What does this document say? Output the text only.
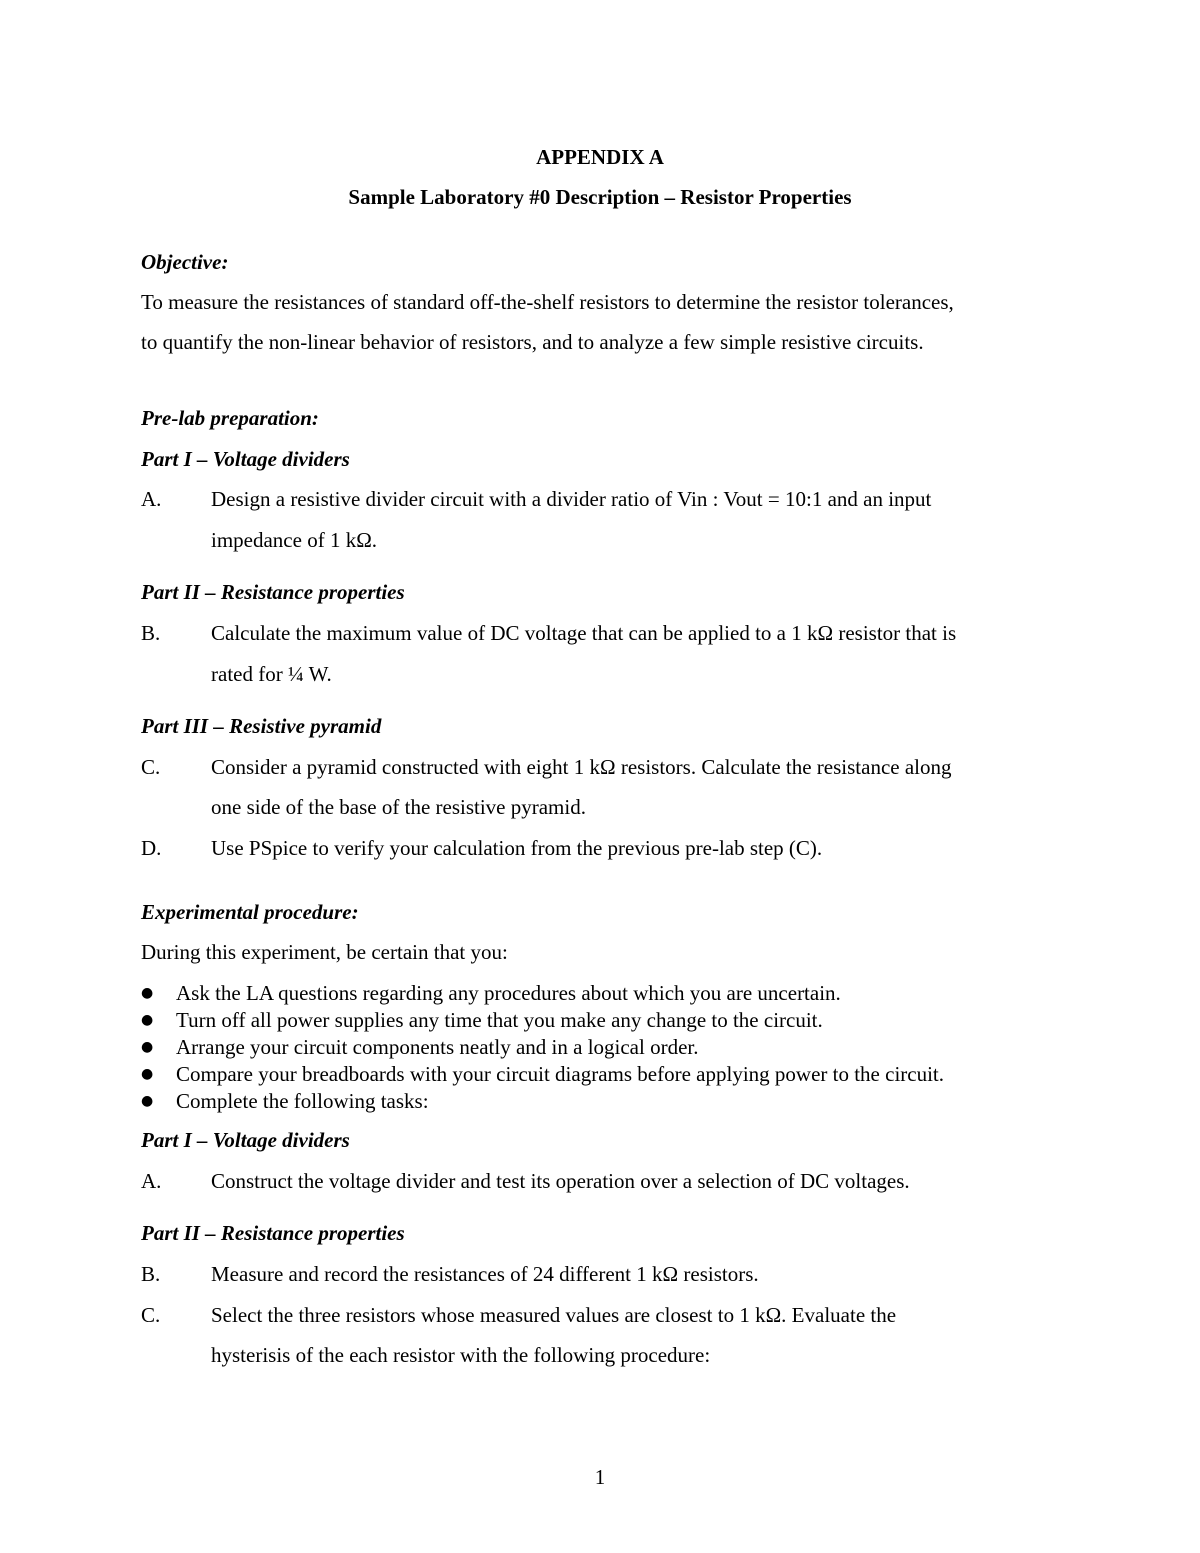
APPENDIX A
Sample Laboratory #0 Description – Resistor Properties
Objective:
To measure the resistances of standard off-the-shelf resistors to determine the resistor tolerances,
to quantify the non-linear behavior of resistors, and to analyze a few simple resistive circuits.
Pre-lab preparation:
Part I – Voltage dividers
A. Design a resistive divider circuit with a divider ratio of Vin : Vout = 10:1 and an input
impedance of 1 kΩ.
Part II – Resistance properties
B. Calculate the maximum value of DC voltage that can be applied to a 1 kΩ resistor that is
rated for ¼ W.
Part III – Resistive pyramid
C. Consider a pyramid constructed with eight 1 kΩ resistors. Calculate the resistance along
one side of the base of the resistive pyramid.
D. Use PSpice to verify your calculation from the previous pre-lab step (C).
Experimental procedure:
During this experiment, be certain that you:
● Ask the LA questions regarding any procedures about which you are uncertain.
● Turn off all power supplies any time that you make any change to the circuit.
● Arrange your circuit components neatly and in a logical order.
● Compare your breadboards with your circuit diagrams before applying power to the circuit.
● Complete the following tasks:
Part I – Voltage dividers
A. Construct the voltage divider and test its operation over a selection of DC voltages.
Part II – Resistance properties
B. Measure and record the resistances of 24 different 1 kΩ resistors.
C. Select the three resistors whose measured values are closest to 1 kΩ. Evaluate the
hysterisis of the each resistor with the following procedure:
1
